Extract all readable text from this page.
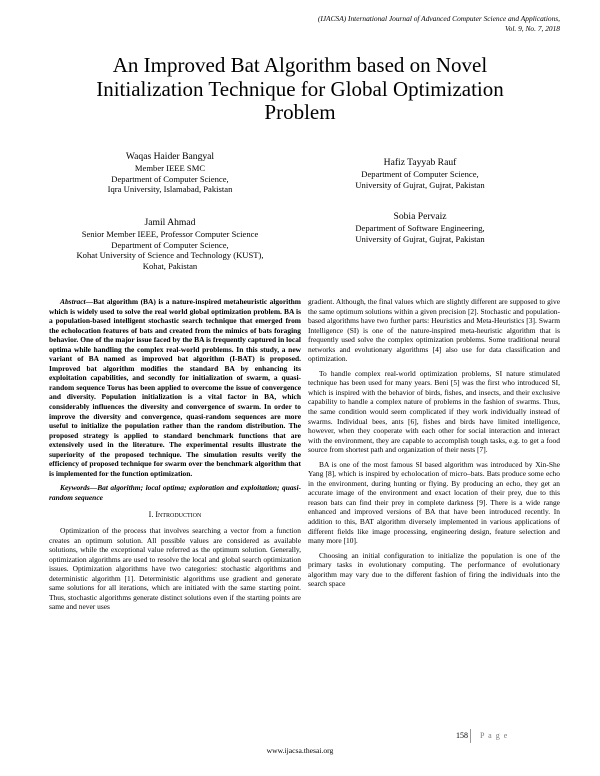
(IJACSA) International Journal of Advanced Computer Science and Applications,
Vol. 9, No. 7, 2018
An Improved Bat Algorithm based on Novel
Initialization Technique for Global Optimization
Problem
Waqas Haider Bangyal
Member IEEE SMC
Department of Computer Science,
Iqra University, Islamabad, Pakistan
Hafiz Tayyab Rauf
Department of Computer Science,
University of Gujrat, Gujrat, Pakistan
Jamil Ahmad
Senior Member IEEE, Professor Computer Science
Department of Computer Science,
Kohat University of Science and Technology (KUST),
Kohat, Pakistan
Sobia Pervaiz
Department of Software Engineering,
University of Gujrat, Gujrat, Pakistan

Abstract—Bat algorithm (BA) is a nature-inspired metaheuristic algorithm which is widely used to solve the real world global optimization problem. BA is a population-based intelligent stochastic search technique that emerged from the echolocation features of bats and created from the mimics of bats foraging behavior. One of the major issue faced by the BA is frequently captured in local optima while handling the complex real-world problems. In this study, a new variant of BA named as improved bat algorithm (I-BAT) is proposed. Improved bat algorithm modifies the standard BA by enhancing its exploitation capabilities, and secondly for initialization of swarm, a quasi-random sequence Torus has been applied to overcome the issue of convergence and diversity. Population initialization is a vital factor in BA, which considerably influences the diversity and convergence of swarm. In order to improve the diversity and convergence, quasi-random sequences are more useful to initialize the population rather than the random distribution. The proposed strategy is applied to standard benchmark functions that are extensively used in the literature. The experimental results illustrate the superiority of the proposed technique. The simulation results verify the efficiency of proposed technique for swarm over the benchmark algorithm that is implemented for the function optimization.

Keywords—Bat algorithm; local optima; exploration and exploitation; quasi-random sequence

I. Introduction

Optimization of the process that involves searching a vector from a function creates an optimum solution. All possible values are considered as available solutions, while the exceptional value referred as the optimum solution. Generally, optimization algorithms are used to resolve the local and global search optimization issues. Optimization algorithms have two categories: stochastic algorithms and deterministic algorithm [1]. Deterministic algorithms use gradient and generate same solutions for all iterations, which are initiated with the same starting point. Thus, stochastic algorithms generate distinct solutions even if the starting points are same and never uses

gradient. Although, the final values which are slightly different are supposed to give the same optimum solutions within a given precision [2]. Stochastic and population-based algorithms have two further parts: Heuristics and Meta-Heuristics [3]. Swarm Intelligence (SI) is one of the nature-inspired meta-heuristic algorithm that is frequently used solve the complex optimization problems. Some traditional neural networks and evolutionary algorithms [4] also use for data classification and optimization.

To handle complex real-world optimization problems, SI nature stimulated technique has been used for many years. Beni [5] was the first who introduced SI, which is inspired with the behavior of birds, fishes, and insects, and their exclusive capability to handle a complex nature of problems in the fashion of swarms. Thus, the same condition would seem complicated if they work individually instead of swarms. Individual bees, ants [6], fishes and birds have limited intelligence, however, when they cooperate with each other for social interaction and interact with the environment, they are capable to accomplish tough tasks, e.g. to get a food source from shortest path and organization of their nests [7].

BA is one of the most famous SI based algorithm was introduced by Xin-She Yang [8], which is inspired by echolocation of micro–bats. Bats produce some echo in the environment, during hunting or flying. By producing an echo, they get an accurate image of the environment and exact location of their prey, due to this reason bats can find their prey in complete darkness [9]. There is a wide range enhanced and improved versions of BA that have been introduced recently. In addition to this, BAT algorithm diversely implemented in various applications of different fields like image processing, engineering design, feature selection and many more [10].

Choosing an initial configuration to initialize the population is one of the primary tasks in evolutionary computing. The performance of evolutionary algorithm may vary due to the different fashion of firing the individuals into the search space

158 P a g e
www.ijacsa.thesai.org
